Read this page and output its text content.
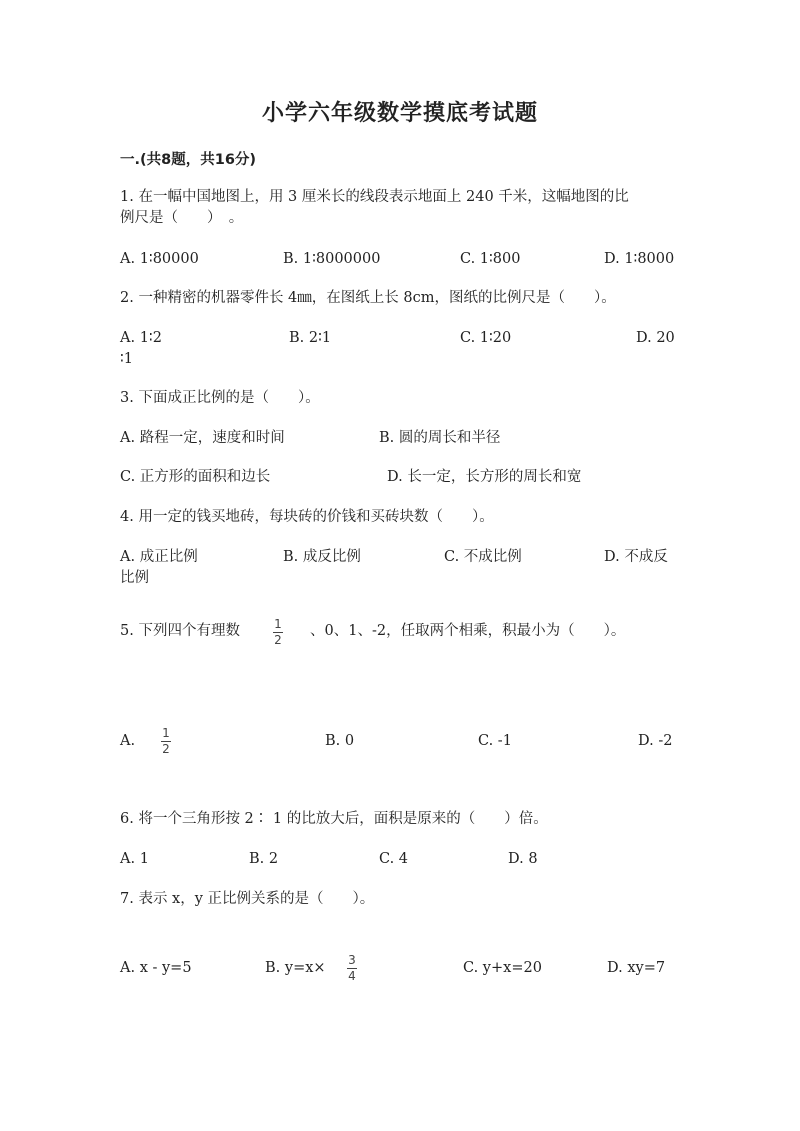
小学六年级数学摸底考试题
一.(共8题，共16分)
1. 在一幅中国地图上，用 3 厘米长的线段表示地面上 240 千米，这幅地图的比
例尺是（　　）　。
A. 1∶80000	B. 1∶8000000	C. 1∶800	D. 1∶8000
2. 一种精密的机器零件长 4㎜，在图纸上长 8cm，图纸的比例尺是（　　）。
A. 1∶2	B. 2∶1	C. 1∶20	D. 20
∶1
3. 下面成正比例的是（　　）。
A. 路程一定，速度和时间	B. 圆的周长和半径
C. 正方形的面积和边长	D. 长一定，长方形的周长和宽
4. 用一定的钱买地砖，每块砖的价钱和买砖块数（　　）。
A. 成正比例	B. 成反比例	C. 不成比例	D. 不成反
比例
5. 下列四个有理数	1
2
、0、1、-2，任取两个相乘，积最小为（　　）。
A. 1
2	B. 0	C. -1	D. -2
6. 将一个三角形按 2∶ 1 的比放大后，面积是原来的（　　）倍。
A. 1	B. 2	C. 4	D. 8
7. 表示 x，y 正比例关系的是（　　）。
A. x - y=5	B. y=x× 3
4	C. y+x=20	D. xy=7
